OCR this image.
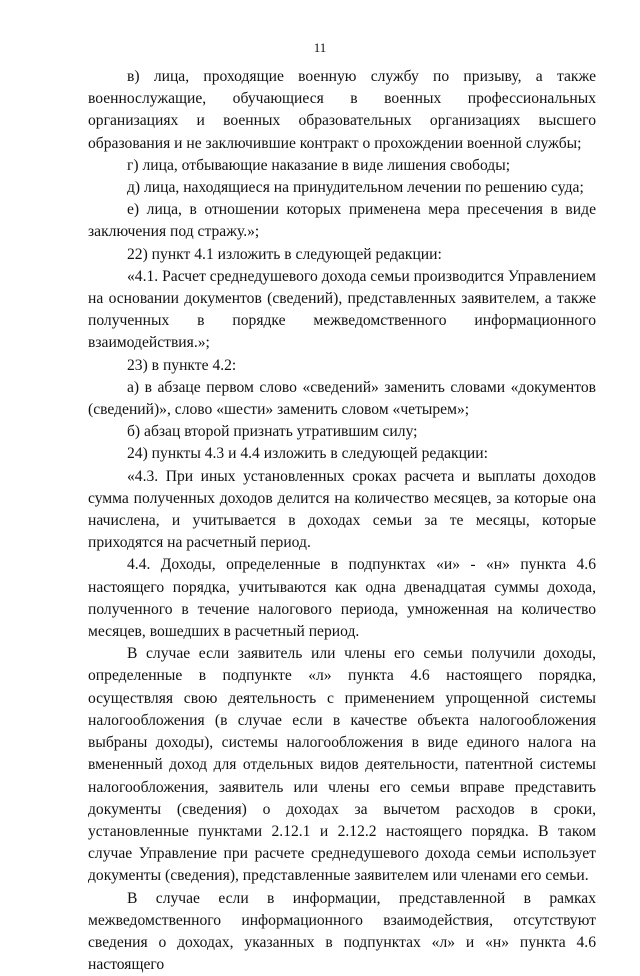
11

в) лица, проходящие военную службу по призыву, а также военнослужащие, обучающиеся в военных профессиональных организациях и военных образовательных организациях высшего образования и не заключившие контракт о прохождении военной службы;

г) лица, отбывающие наказание в виде лишения свободы;

д) лица, находящиеся на принудительном лечении по решению суда;

е) лица, в отношении которых применена мера пресечения в виде заключения под стражу.»;

22) пункт 4.1 изложить в следующей редакции:

«4.1. Расчет среднедушевого дохода семьи производится Управлением на основании документов (сведений), представленных заявителем, а также полученных в порядке межведомственного информационного взаимодействия.»;

23) в пункте 4.2:

а) в абзаце первом слово «сведений» заменить словами «документов (сведений)», слово «шести» заменить словом «четырем»;

б) абзац второй признать утратившим силу;

24) пункты 4.3 и 4.4 изложить в следующей редакции:

«4.3. При иных установленных сроках расчета и выплаты доходов сумма полученных доходов делится на количество месяцев, за которые она начислена, и учитывается в доходах семьи за те месяцы, которые приходятся на расчетный период.

4.4. Доходы, определенные в подпунктах «и» - «н» пункта 4.6 настоящего порядка, учитываются как одна двенадцатая суммы дохода, полученного в течение налогового периода, умноженная на количество месяцев, вошедших в расчетный период.

В случае если заявитель или члены его семьи получили доходы, определенные в подпункте «л» пункта 4.6 настоящего порядка, осуществляя свою деятельность с применением упрощенной системы налогообложения (в случае если в качестве объекта налогообложения выбраны доходы), системы налогообложения в виде единого налога на вмененный доход для отдельных видов деятельности, патентной системы налогообложения, заявитель или члены его семьи вправе представить документы (сведения) о доходах за вычетом расходов в сроки, установленные пунктами 2.12.1 и 2.12.2 настоящего порядка. В таком случае Управление при расчете среднедушевого дохода семьи использует документы (сведения), представленные заявителем или членами его семьи.

В случае если в информации, представленной в рамках межведомственного информационного взаимодействия, отсутствуют сведения о доходах, указанных в подпунктах «л» и «н» пункта 4.6 настоящего
